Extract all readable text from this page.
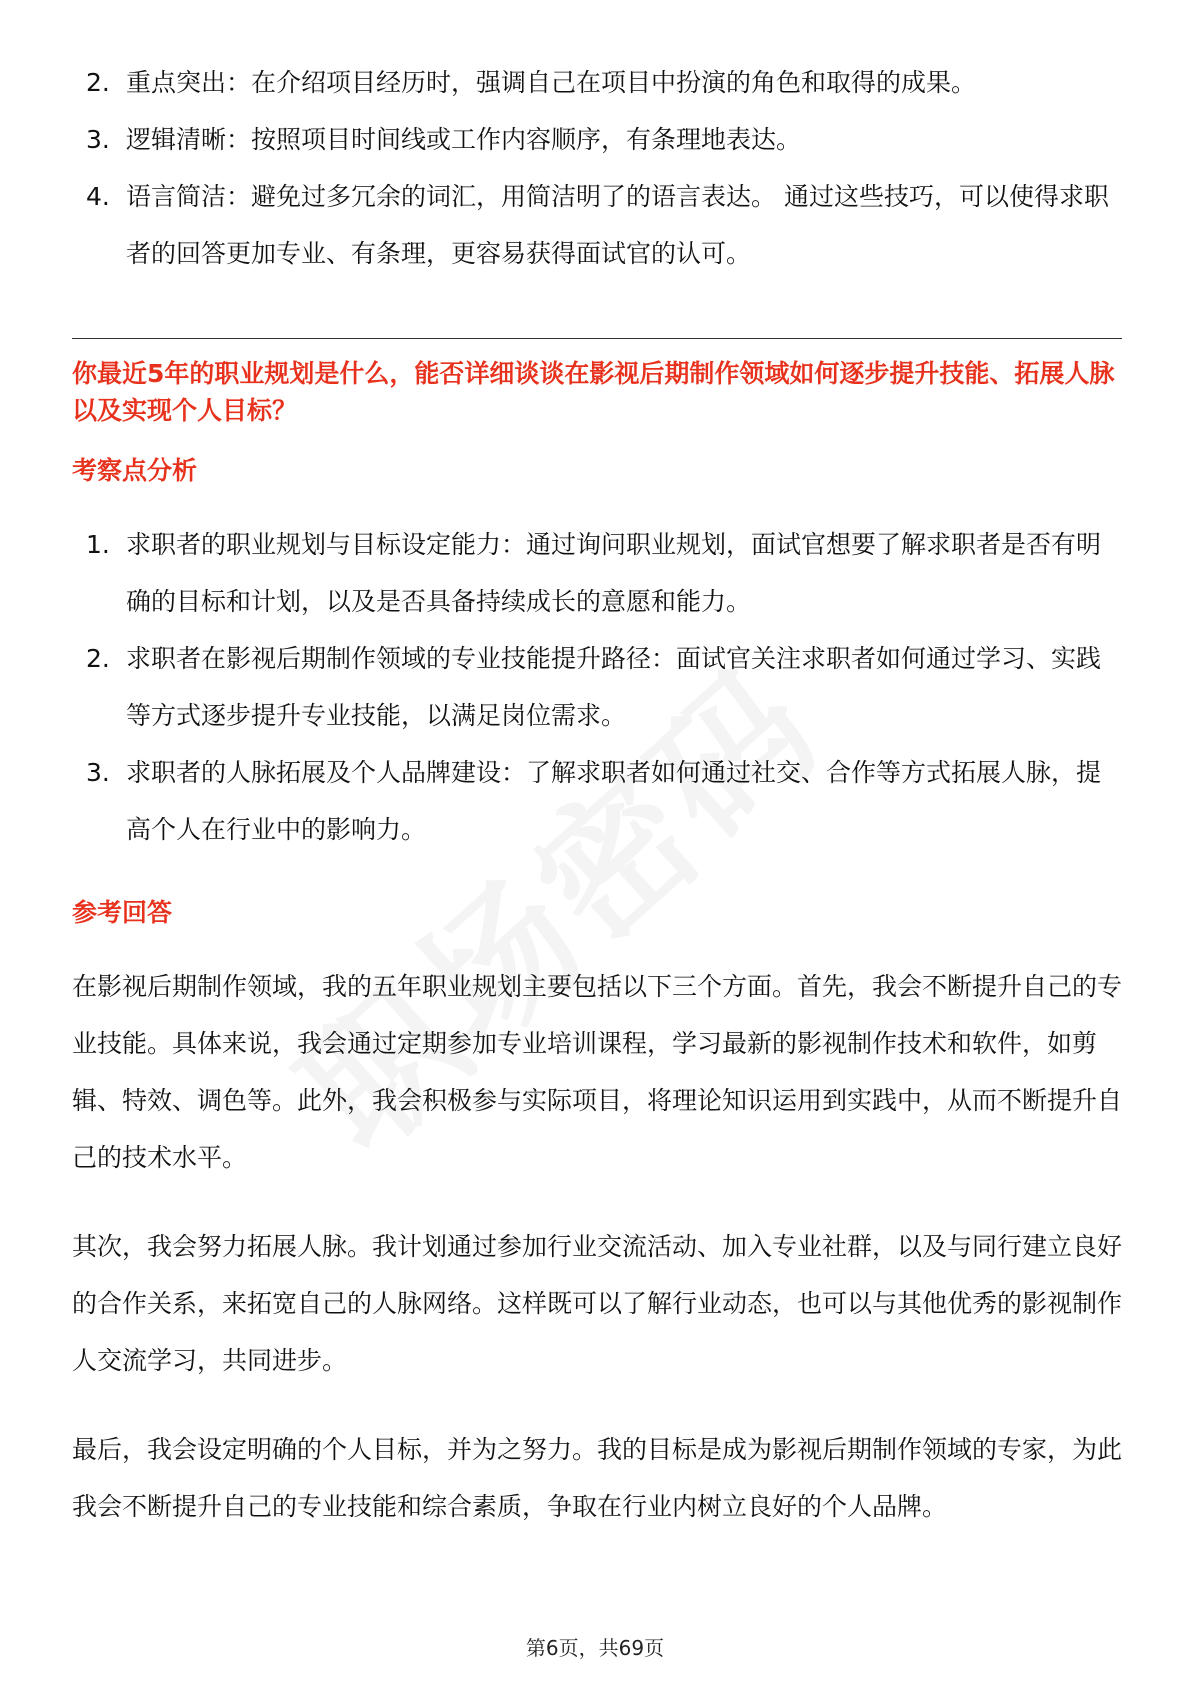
2. 重点突出：在介绍项目经历时，强调自己在项目中扮演的角色和取得的成果。
3. 逻辑清晰：按照项目时间线或工作内容顺序，有条理地表达。
4. 语言简洁：避免过多冗余的词汇，用简洁明了的语言表达。 通过这些技巧，可以使得求职者的回答更加专业、有条理，更容易获得面试官的认可。

你最近5年的职业规划是什么，能否详细谈谈在影视后期制作领域如何逐步提升技能、拓展人脉以及实现个人目标？

考察点分析

1. 求职者的职业规划与目标设定能力：通过询问职业规划，面试官想要了解求职者是否有明确的目标和计划，以及是否具备持续成长的意愿和能力。
2. 求职者在影视后期制作领域的专业技能提升路径：面试官关注求职者如何通过学习、实践等方式逐步提升专业技能，以满足岗位需求。
3. 求职者的人脉拓展及个人品牌建设：了解求职者如何通过社交、合作等方式拓展人脉，提高个人在行业中的影响力。

参考回答

在影视后期制作领域，我的五年职业规划主要包括以下三个方面。首先，我会不断提升自己的专业技能。具体来说，我会通过定期参加专业培训课程，学习最新的影视制作技术和软件，如剪辑、特效、调色等。此外，我会积极参与实际项目，将理论知识运用到实践中，从而不断提升自己的技术水平。

其次，我会努力拓展人脉。我计划通过参加行业交流活动、加入专业社群，以及与同行建立良好的合作关系，来拓宽自己的人脉网络。这样既可以了解行业动态，也可以与其他优秀的影视制作人交流学习，共同进步。

最后，我会设定明确的个人目标，并为之努力。我的目标是成为影视后期制作领域的专家，为此我会不断提升自己的专业技能和综合素质，争取在行业内树立良好的个人品牌。

第6页，共69页
